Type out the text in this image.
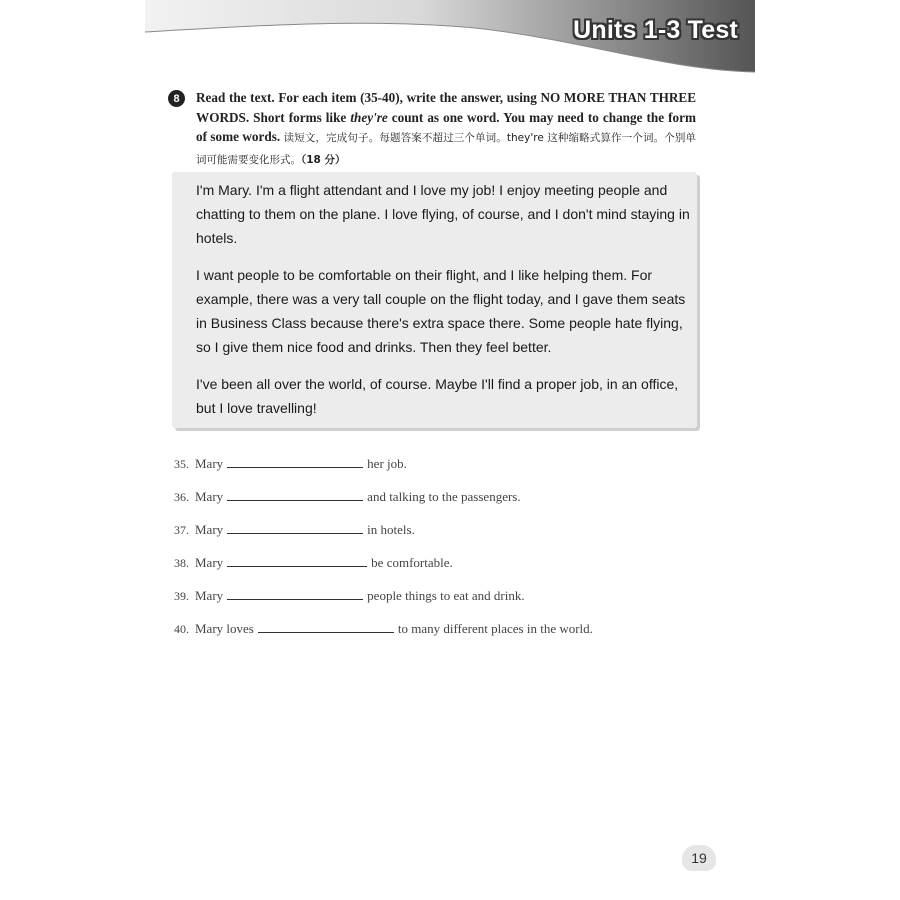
Units 1-3 Test
8	Read the text. For each item (35-40), write the answer, using NO MORE THAN THREE WORDS. Short forms like they're count as one word. You may need to change the form of some words. 读短文，完成句子。每题答案不超过三个单词。they're 这种缩略式算作一个词。个别单词可能需要变化形式。（18 分）

I'm Mary. I'm a flight attendant and I love my job! I enjoy meeting people and chatting to them on the plane. I love flying, of course, and I don't mind staying in hotels.

I want people to be comfortable on their flight, and I like helping them. For example, there was a very tall couple on the flight today, and I gave them seats in Business Class because there's extra space there. Some people hate flying, so I give them nice food and drinks. Then they feel better.

I've been all over the world, of course. Maybe I'll find a proper job, in an office, but I love travelling!

35. Mary	her job.
36. Mary	and talking to the passengers.
37. Mary	in hotels.
38. Mary	be comfortable.
39. Mary	people things to eat and drink.
40. Mary loves	to many different places in the world.
19
